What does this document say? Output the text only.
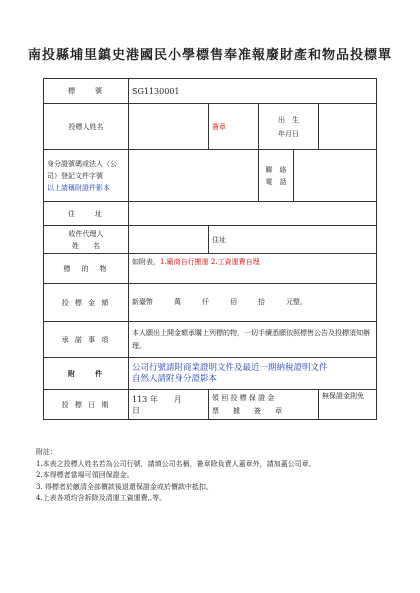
南投縣埔里鎮史港國民小學標售奉准報廢財產和物品投標單
標　　號	SG1130001				
投標人姓名		簽章	出　生
年月日		
身分證號碼或法人（公司）登記文件字號
以上請稱附證件影本			聯　絡
電　話		
住　　址					
收件代理人
姓　　名		住址			
標　的　物	如附表，1.廠商自行搬運 2.工資運費自理				
投 標 金 額	新臺幣　　　萬　　　仟　　　佰　　　拾　　　元整。				
承 諾 事 項	本人願出上開金額承購上列標的物，一切手續悉願依照標售公告及投標須知辦理。				
附　　件	公司行號請附商業證明文件及最近一期納稅證明文件
自然人請附身分證影本				
投 標 日 期	113 年　　月　　日	領 回 投 標 保 證 金
票　　據　　簽　　章			無保證金則免
附註：
1.本表之投標人姓名若為公司行號，請填公司名稱，簽章除負責人蓋章外，請加蓋公司章。
2.本得標者當場可領回保證金。
3. 得標者於繳清全部價款後退還保證金或於價款中抵扣。
4.上表各項均含拆除及清運工資運費,,等。
